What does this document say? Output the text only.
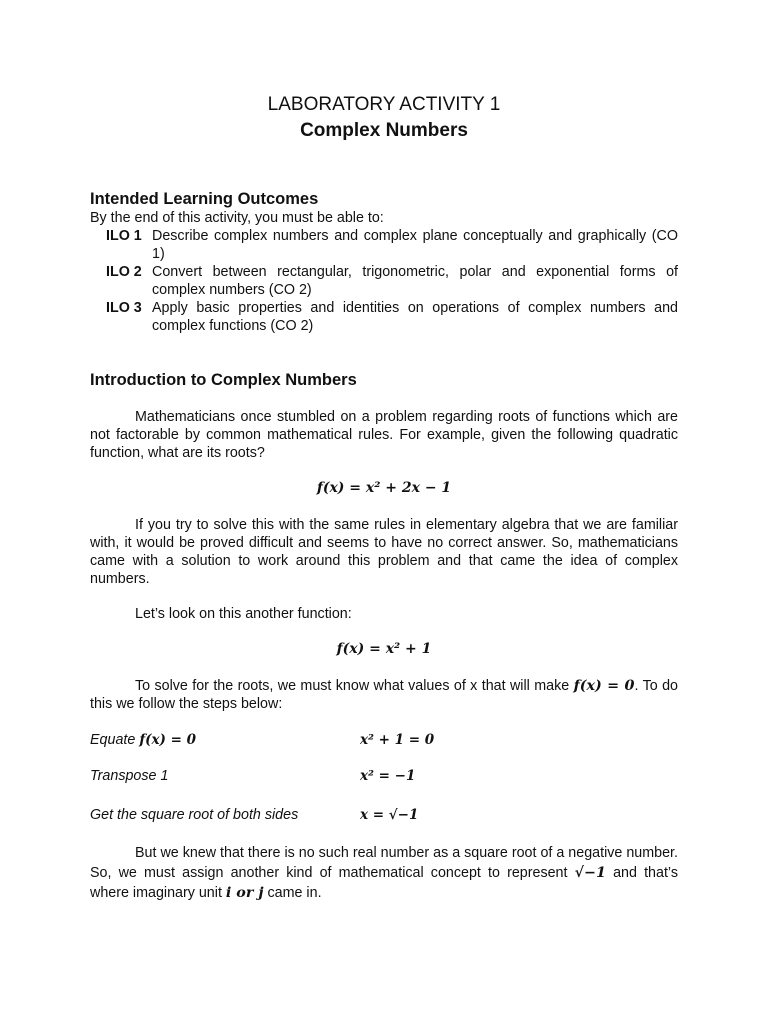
LABORATORY ACTIVITY 1

Complex Numbers

Intended Learning Outcomes

By the end of this activity, you must be able to:

ILO 1 Describe complex numbers and complex plane conceptually and graphically (CO 1)
ILO 2 Convert between rectangular, trigonometric, polar and exponential forms of complex numbers (CO 2)
ILO 3 Apply basic properties and identities on operations of complex numbers and complex functions (CO 2)

Introduction to Complex Numbers

Mathematicians once stumbled on a problem regarding roots of functions which are not factorable by common mathematical rules. For example, given the following quadratic function, what are its roots?

f(x) = x² + 2x − 1

If you try to solve this with the same rules in elementary algebra that we are familiar with, it would be proved difficult and seems to have no correct answer. So, mathematicians came with a solution to work around this problem and that came the idea of complex numbers.

Let’s look on this another function:

f(x) = x² + 1

To solve for the roots, we must know what values of x that will make f(x) = 0. To do this we follow the steps below:

Equate f(x) = 0	x² + 1 = 0
Transpose 1	x² = −1
Get the square root of both sides	x = √−1

But we knew that there is no such real number as a square root of a negative number. So, we must assign another kind of mathematical concept to represent √−1 and that’s where imaginary unit i or j came in.
